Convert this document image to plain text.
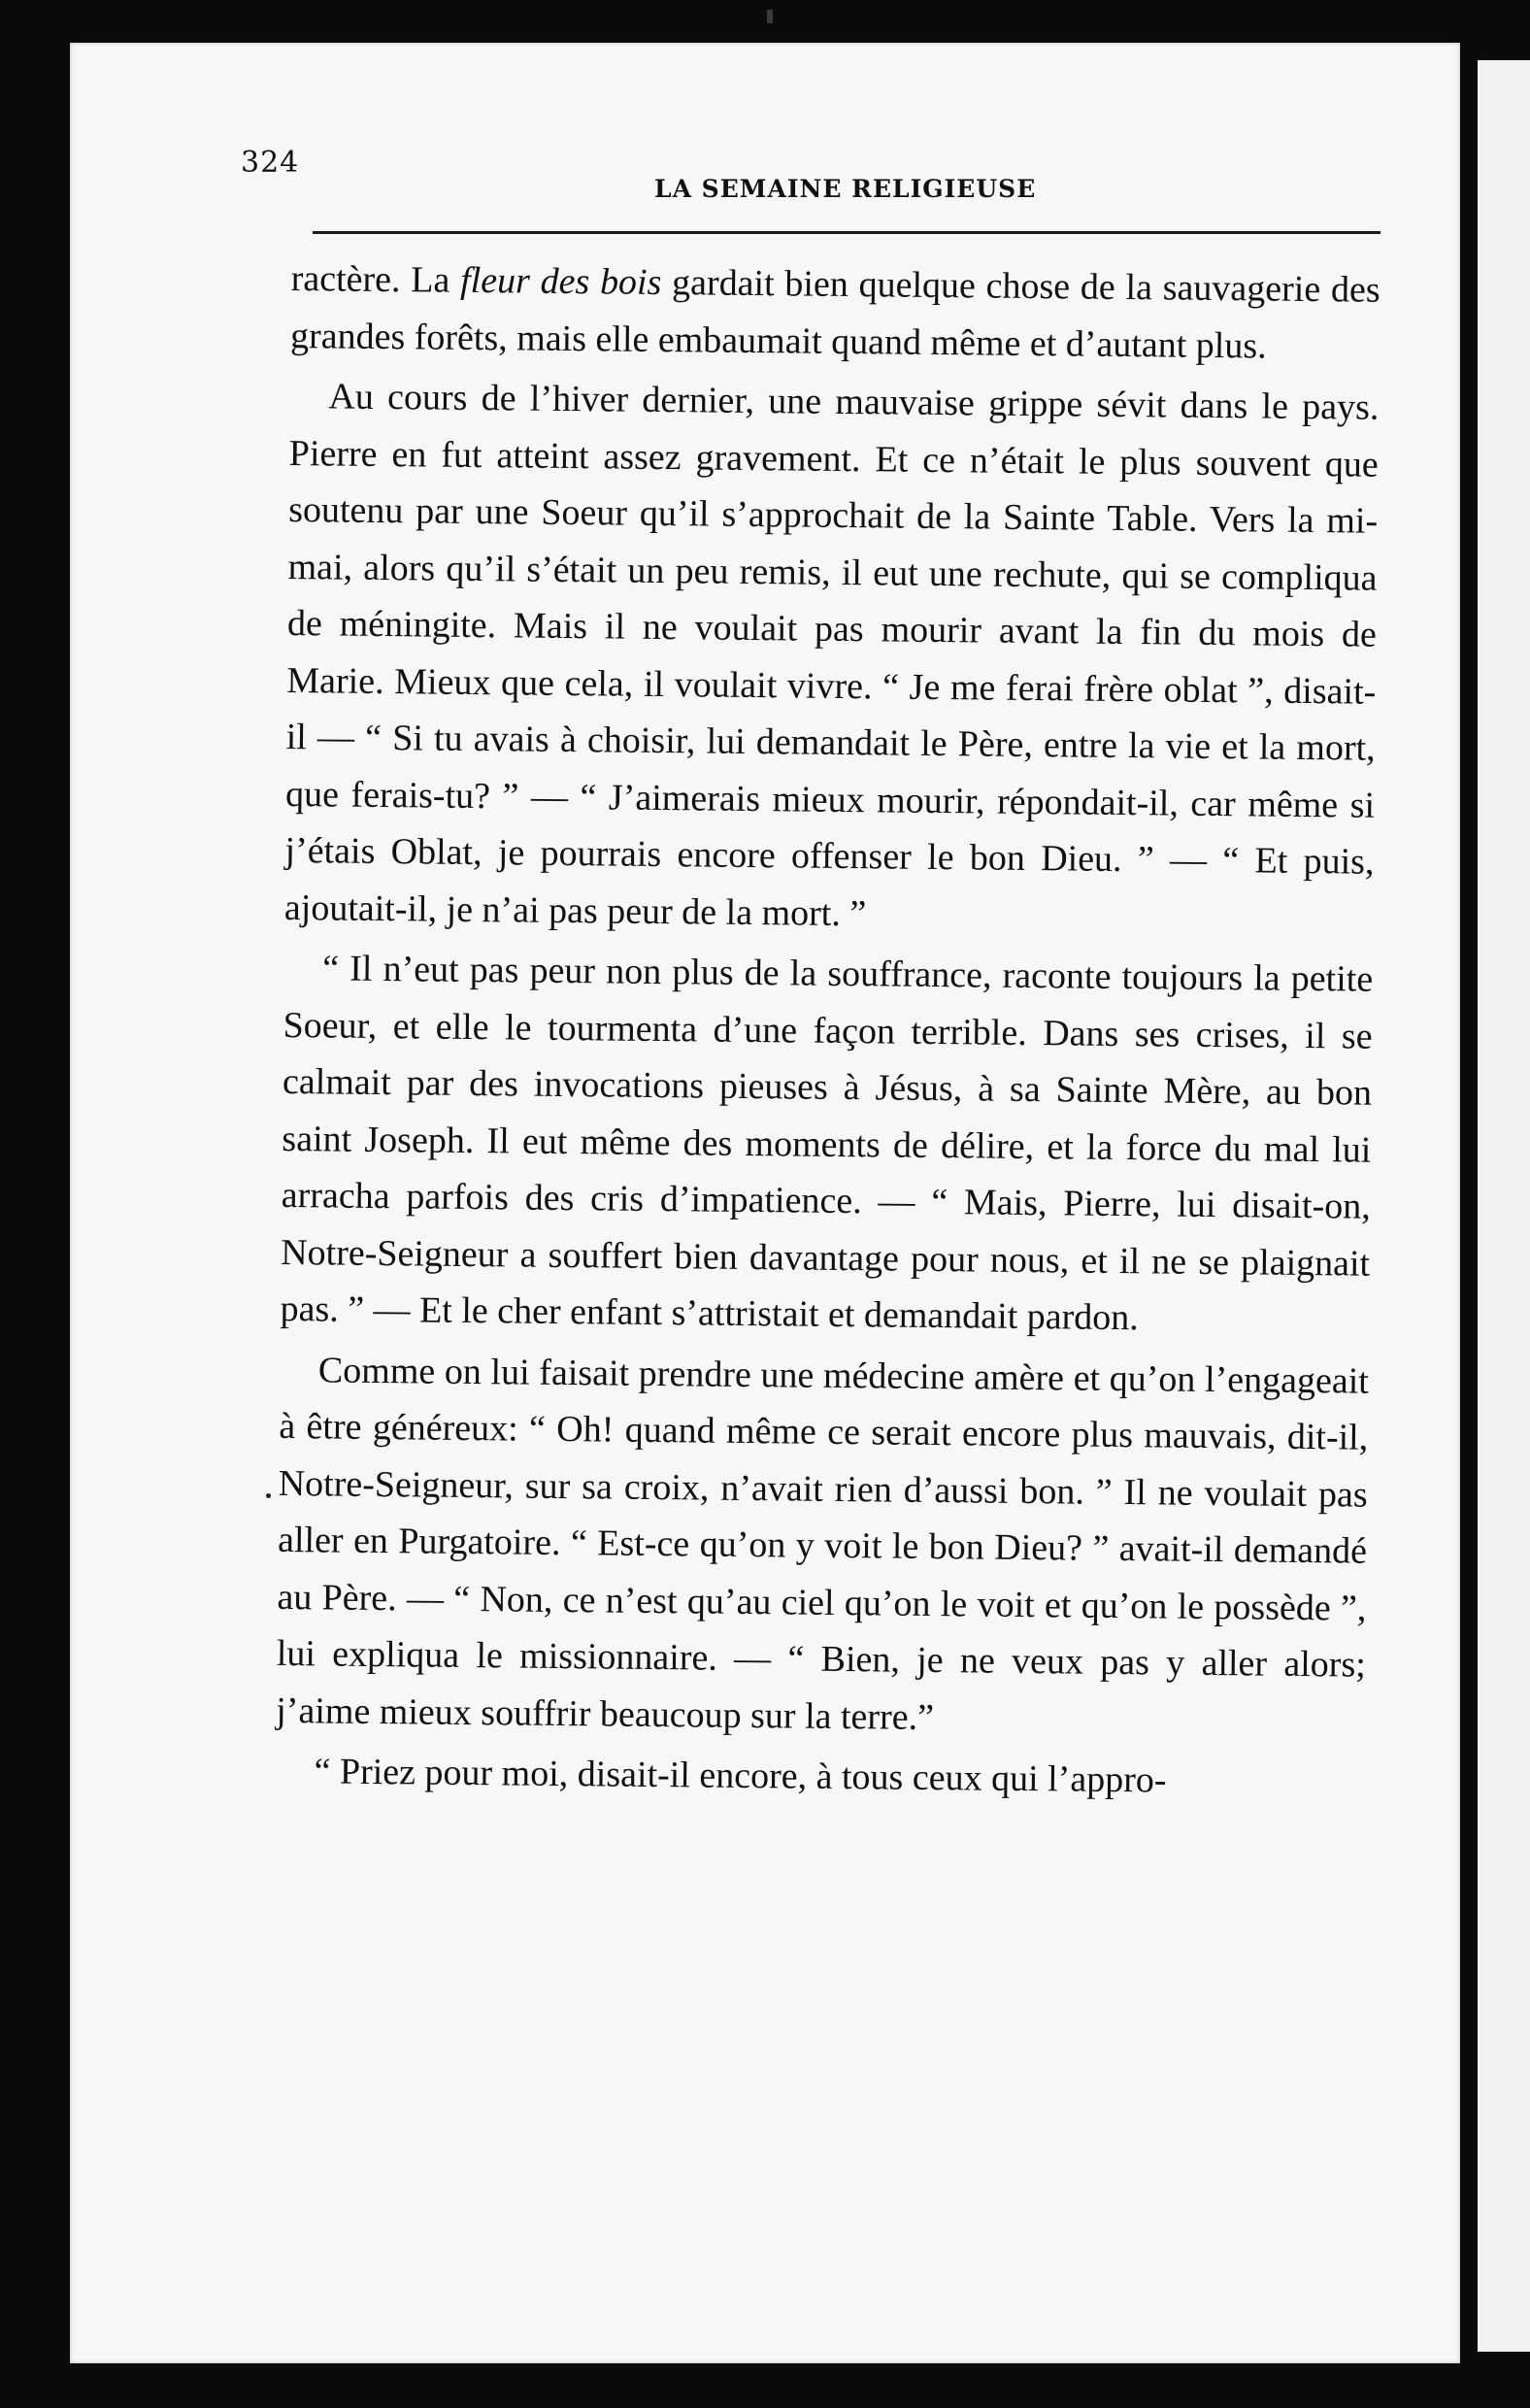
324
LA SEMAINE RELIGIEUSE

ractère. La fleur des bois gardait bien quelque chose de la sauvagerie des grandes forêts, mais elle embaumait quand même et d’autant plus.

Au cours de l’hiver dernier, une mauvaise grippe sévit dans le pays. Pierre en fut atteint assez gravement. Et ce n’était le plus souvent que soutenu par une Soeur qu’il s’approchait de la Sainte Table. Vers la mi-mai, alors qu’il s’était un peu remis, il eut une rechute, qui se compliqua de méningite. Mais il ne voulait pas mourir avant la fin du mois de Marie. Mieux que cela, il voulait vivre. “ Je me ferai frère oblat ”, disait-il — “ Si tu avais à choisir, lui demandait le Père, entre la vie et la mort, que ferais-tu? ” — “ J’aimerais mieux mourir, répondait-il, car même si j’étais Oblat, je pourrais encore offenser le bon Dieu. ” — “ Et puis, ajoutait-il, je n’ai pas peur de la mort. ”

“ Il n’eut pas peur non plus de la souffrance, raconte toujours la petite Soeur, et elle le tourmenta d’une façon terrible. Dans ses crises, il se calmait par des invocations pieuses à Jésus, à sa Sainte Mère, au bon saint Joseph. Il eut même des moments de délire, et la force du mal lui arracha parfois des cris d’impatience. — “ Mais, Pierre, lui disait-on, Notre-Seigneur a souffert bien davantage pour nous, et il ne se plaignait pas. ” — Et le cher enfant s’attristait et demandait pardon.

Comme on lui faisait prendre une médecine amère et qu’on l’engageait à être généreux: “ Oh! quand même ce serait encore plus mauvais, dit-il, Notre-Seigneur, sur sa croix, n’avait rien d’aussi bon. ” Il ne voulait pas aller en Purgatoire. “ Est-ce qu’on y voit le bon Dieu? ” avait-il demandé au Père. — “ Non, ce n’est qu’au ciel qu’on le voit et qu’on le possède ”, lui expliqua le missionnaire. — “ Bien, je ne veux pas y aller alors; j’aime mieux souffrir beaucoup sur la terre.”

“ Priez pour moi, disait-il encore, à tous ceux qui l’appro-
